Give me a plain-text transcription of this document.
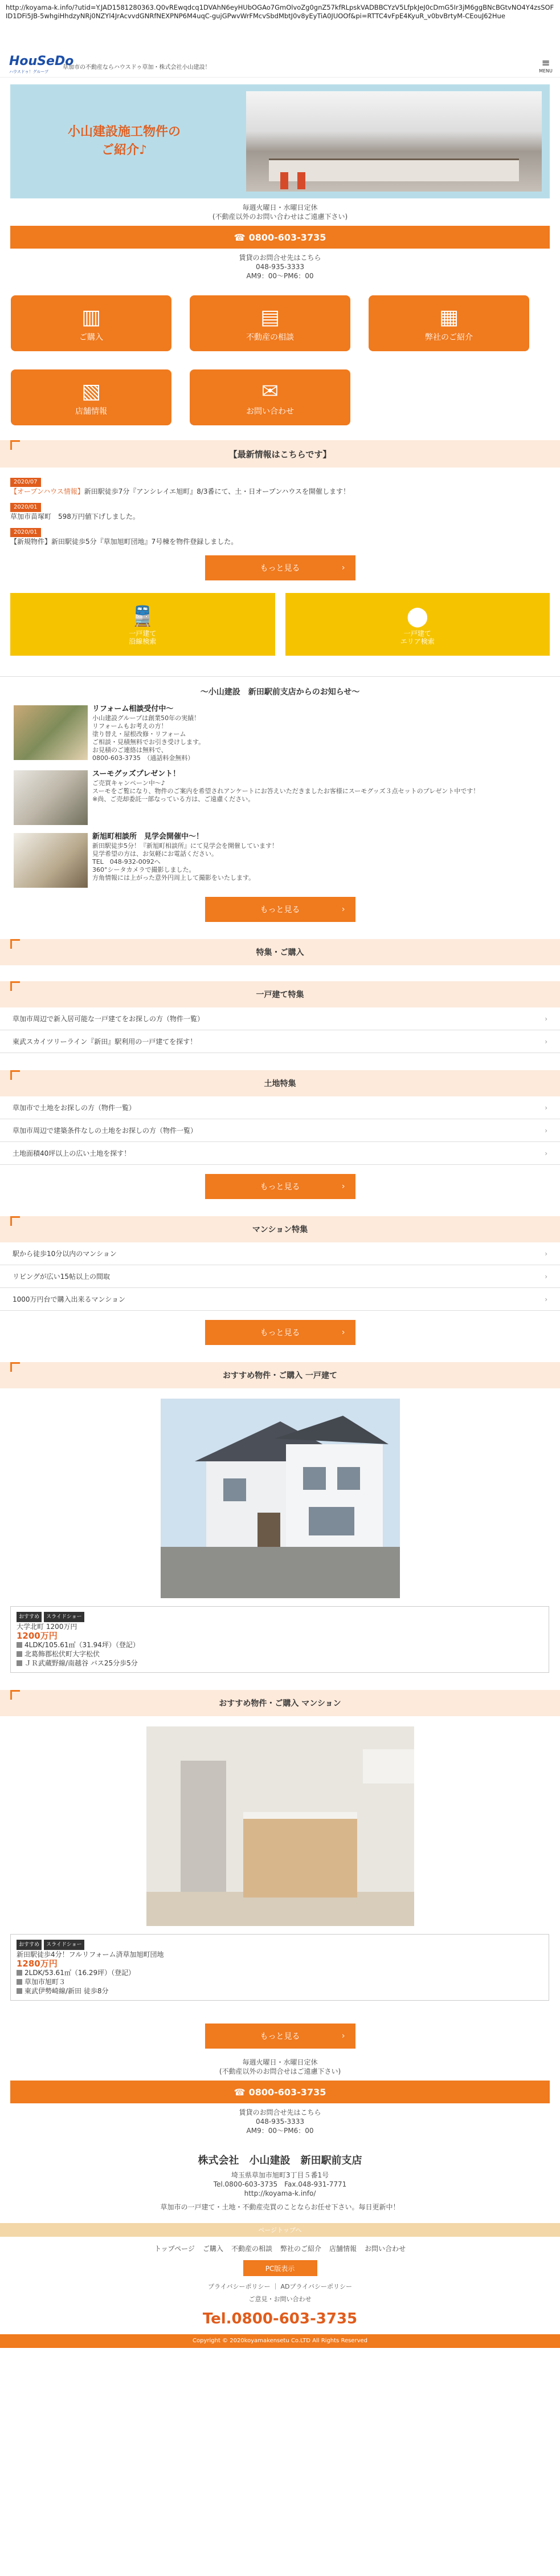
http://koyama-k.info/?utid=Y.JAD1581280363.Q0vREwqdcq1DVAhN6eyHUbOGAo7GmOlvoZg0gnZ57kfRLpskVADBBCYzV5LfpkJeJ0cDmG5Ir3jM6ggBNcBGtvNO4Y4zsSOFID1DFi5JB-5whgiHhdzyNRj0NZYl4JrAcvvdGNRfNEXPNP6M4uqC-gujGPwvWrFMcvSbdMbtJ0v8yEyTiA0JUOOf&pi=RTTC4vFpE4KyuR_v0bvBrtyM-CEouJ62Hue
HouSeDo
ハウスドゥ！グループ
草加市の不動産ならハウスドゥ草加・株式会社小山建設！	≡
MENU
小山建設施工物件の
ご紹介♪
毎週火曜日・水曜日定休
(不動産以外のお問い合わせはご遠慮下さい)
☎ 0800-603-3735
賃貸のお問合せ先はこちら
048-935-3333
AM9：00〜PM6：00
▥
ご購入
▤
不動産の相談
▦
弊社のご紹介
▧
店舗情報
✉
お問い合わせ
【最新情報はこちらです】
2020/07
【オープンハウス情報】新田駅徒歩7分『アンシレイエ旭町』8/3番にて、土・日オープンハウスを開催します！
2020/01
草加市苗塚町　598万円値下げしました。
2020/01
【新規物件】新田駅徒歩5分『草加旭町団地』7号棟を物件登録しました。
もっと見る	›
🚆
一戸建て
沿線検索
⬤
一戸建て
エリア検索
〜小山建設　新田駅前支店からのお知らせ〜
リフォーム相談受付中〜
小山建設グループは創業50年の実績！
リフォームもお考えの方！
塗り替え・屋根改修・リフォーム
ご相談・見積無料でお引き受けします。
お見積のご連絡は無料で、
0800-603-3735　（通話料金無料）
スーモグッズプレゼント！
ご売買キャンペーン中〜♪
スーモをご覧になり、物件のご案内を希望されアンケートにお答えいただきましたお客様にスーモグッズ３点セットのプレゼント中です！
※尚、ご売却委託一部なっている方は、ご遠慮ください。
新旭町相談所　見学会開催中〜！
新田駅徒歩5分！『新旭町相談所』にて見学会を開催しています！
見学希望の方は、お気軽にお電話ください。
TEL　048-932-0092へ
360°シータカメラで撮影しました。
方角情報には上がった意外円周上して撮影をいたします。
もっと見る	›
特集・ご購入
一戸建て特集
草加市周辺で新入居可能な一戸建てをお探しの方（物件一覧）	›
東武スカイツリーライン『新田』駅利用の一戸建てを探す！	›
土地特集
草加市で土地をお探しの方（物件一覧）	›
草加市周辺で建築条件なしの土地をお探しの方（物件一覧）	›
土地面積40坪以上の広い土地を探す！	›
もっと見る	›
マンション特集
駅から徒歩10分以内のマンション	›
リビングが広い15帖以上の間取	›
1000万円台で購入出来るマンション	›
もっと見る	›
おすすめ物件・ご購入 一戸建て
おすすめ スライドショー
大学北町 1200万円
1200万円
4LDK/105.61㎡（31.94坪）（登記）
北葛飾郡松伏町大字松伏
ＪＲ武蔵野線/南越谷 バス25分歩5分
おすすめ物件・ご購入 マンション
おすすめ スライドショー
新田駅徒歩4分！フルリフォーム済草加旭町団地
1280万円
2LDK/53.61㎡（16.29坪）（登記）
草加市旭町３
東武伊勢崎線/新田 徒歩8分
もっと見る	›
毎週火曜日・水曜日定休
(不動産以外のお問合せはご遠慮下さい)
☎ 0800-603-3735
賃貸のお問合せ先はこちら
048-935-3333
AM9：00〜PM6：00
株式会社　小山建設　新田駅前支店
埼玉県草加市旭町3丁目５番1号
Tel.0800-603-3735　Fax.048-931-7771
http://koyama-k.info/
草加市の一戸建て・土地・不動産売買のことならお任せ下さい。毎日更新中！
ページトップへ
トップページ ご購入 不動産の相談 弊社のご紹介 店舗情報 お問い合わせ
PC版表示
プライバシーポリシー ｜ ADプライバシーポリシー
ご意見・お問い合わせ
Tel.0800-603-3735
Copyright © 2020koyamakensetu Co.LTD All Rights Reserved
